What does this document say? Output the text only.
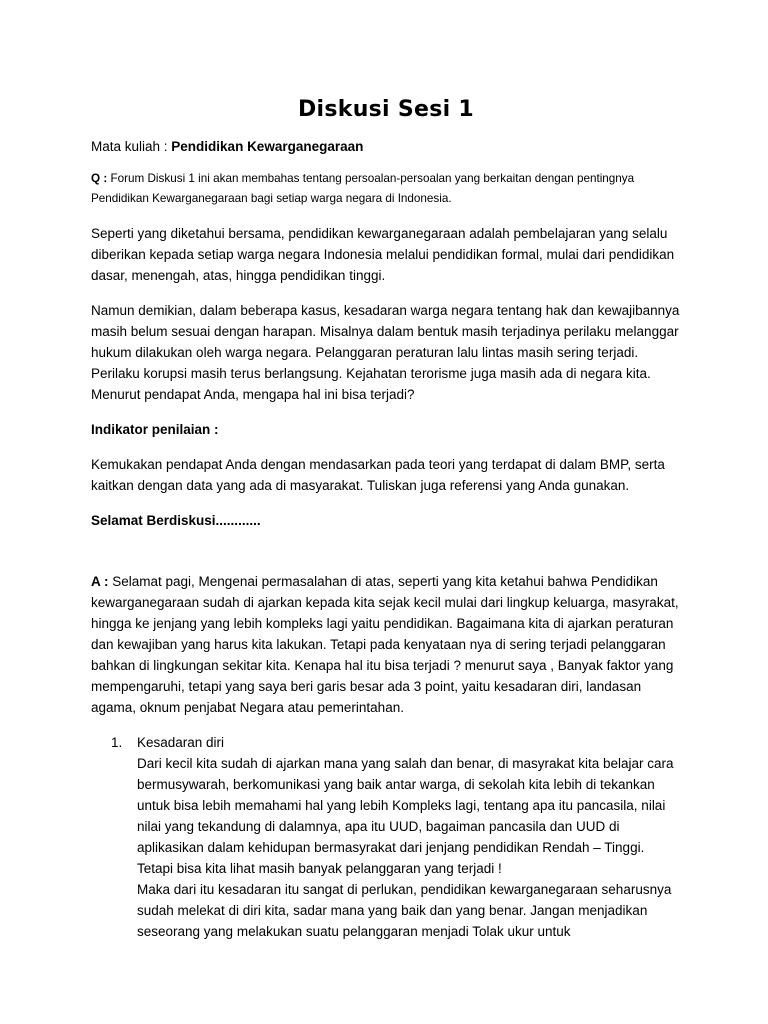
Diskusi Sesi 1

Mata kuliah : Pendidikan Kewarganegaraan

Q : Forum Diskusi 1 ini akan membahas tentang persoalan-persoalan yang berkaitan dengan pentingnya Pendidikan Kewarganegaraan bagi setiap warga negara di Indonesia.

Seperti yang diketahui bersama, pendidikan kewarganegaraan adalah pembelajaran yang selalu diberikan kepada setiap warga negara Indonesia melalui pendidikan formal, mulai dari pendidikan dasar, menengah, atas, hingga pendidikan tinggi.

Namun demikian, dalam beberapa kasus, kesadaran warga negara tentang hak dan kewajibannya masih belum sesuai dengan harapan. Misalnya dalam bentuk masih terjadinya perilaku melanggar hukum dilakukan oleh warga negara. Pelanggaran peraturan lalu lintas masih sering terjadi. Perilaku korupsi masih terus berlangsung. Kejahatan terorisme juga masih ada di negara kita. Menurut pendapat Anda, mengapa hal ini bisa terjadi?

Indikator penilaian :

Kemukakan pendapat Anda dengan mendasarkan pada teori yang terdapat di dalam BMP, serta kaitkan dengan data yang ada di masyarakat. Tuliskan juga referensi yang Anda gunakan.

Selamat Berdiskusi............

A : Selamat pagi, Mengenai permasalahan di atas, seperti yang kita ketahui bahwa Pendidikan kewarganegaraan sudah di ajarkan kepada kita sejak kecil mulai dari lingkup keluarga, masyrakat, hingga ke jenjang yang lebih kompleks lagi yaitu pendidikan. Bagaimana kita di ajarkan peraturan dan kewajiban yang harus kita lakukan. Tetapi pada kenyataan nya di sering terjadi pelanggaran bahkan di lingkungan sekitar kita. Kenapa hal itu bisa terjadi ? menurut saya , Banyak faktor yang mempengaruhi, tetapi yang saya beri garis besar ada 3 point, yaitu kesadaran diri, landasan agama, oknum penjabat Negara atau pemerintahan.

1. Kesadaran diri

Dari kecil kita sudah di ajarkan mana yang salah dan benar, di masyrakat kita belajar cara bermusywarah, berkomunikasi yang baik antar warga, di sekolah kita lebih di tekankan untuk bisa lebih memahami hal yang lebih Kompleks lagi, tentang apa itu pancasila, nilai nilai yang tekandung di dalamnya, apa itu UUD, bagaiman pancasila dan UUD di aplikasikan dalam kehidupan bermasyrakat dari jenjang pendidikan Rendah – Tinggi. Tetapi bisa kita lihat masih banyak pelanggaran yang terjadi !

Maka dari itu kesadaran itu sangat di perlukan, pendidikan kewarganegaraan seharusnya sudah melekat di diri kita, sadar mana yang baik dan yang benar. Jangan menjadikan seseorang yang melakukan suatu pelanggaran menjadi Tolak ukur untuk
